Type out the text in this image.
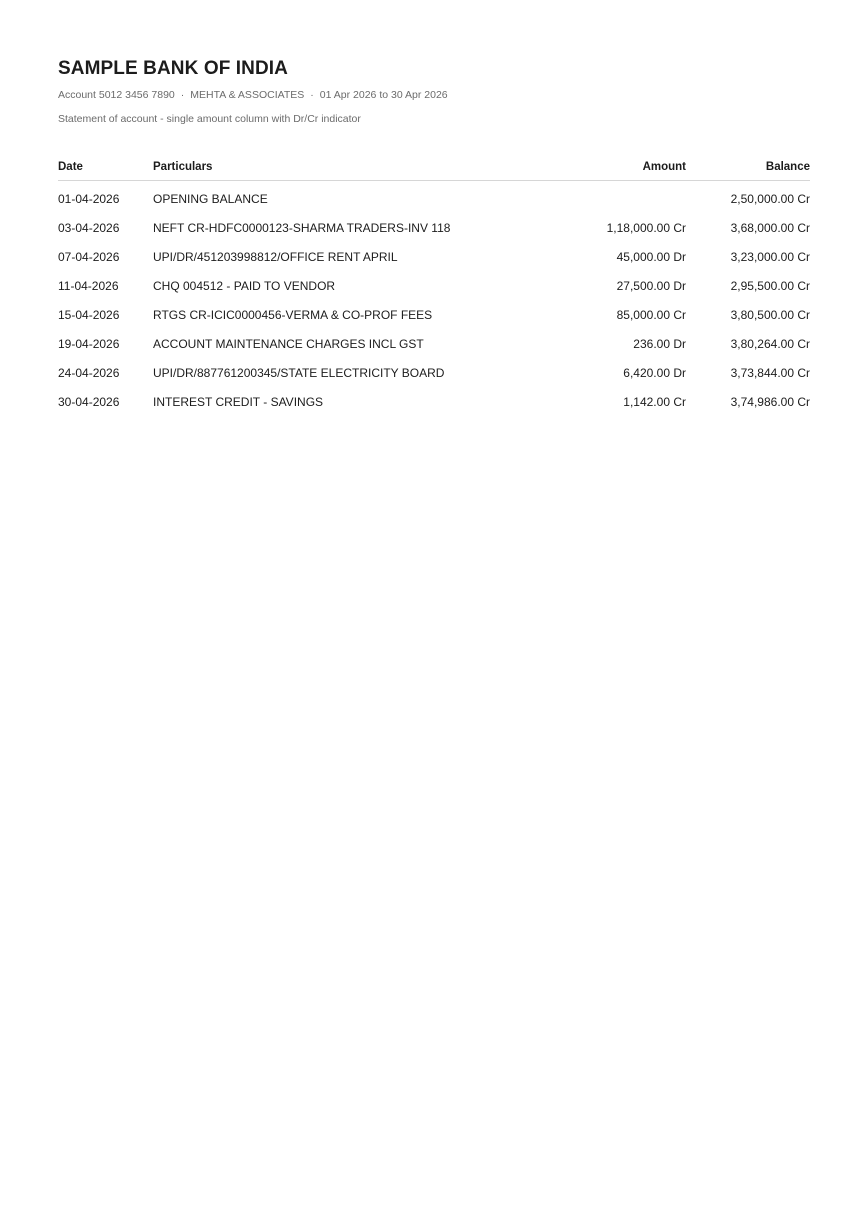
SAMPLE BANK OF INDIA
Account 5012 3456 7890 · MEHTA & ASSOCIATES · 01 Apr 2026 to 30 Apr 2026
Statement of account - single amount column with Dr/Cr indicator
Date	Particulars	Amount	Balance
01-04-2026	OPENING BALANCE		2,50,000.00 Cr
03-04-2026	NEFT CR-HDFC0000123-SHARMA TRADERS-INV 118	1,18,000.00 Cr	3,68,000.00 Cr
07-04-2026	UPI/DR/451203998812/OFFICE RENT APRIL	45,000.00 Dr	3,23,000.00 Cr
11-04-2026	CHQ 004512 - PAID TO VENDOR	27,500.00 Dr	2,95,500.00 Cr
15-04-2026	RTGS CR-ICIC0000456-VERMA & CO-PROF FEES	85,000.00 Cr	3,80,500.00 Cr
19-04-2026	ACCOUNT MAINTENANCE CHARGES INCL GST	236.00 Dr	3,80,264.00 Cr
24-04-2026	UPI/DR/887761200345/STATE ELECTRICITY BOARD	6,420.00 Dr	3,73,844.00 Cr
30-04-2026	INTEREST CREDIT - SAVINGS	1,142.00 Cr	3,74,986.00 Cr
